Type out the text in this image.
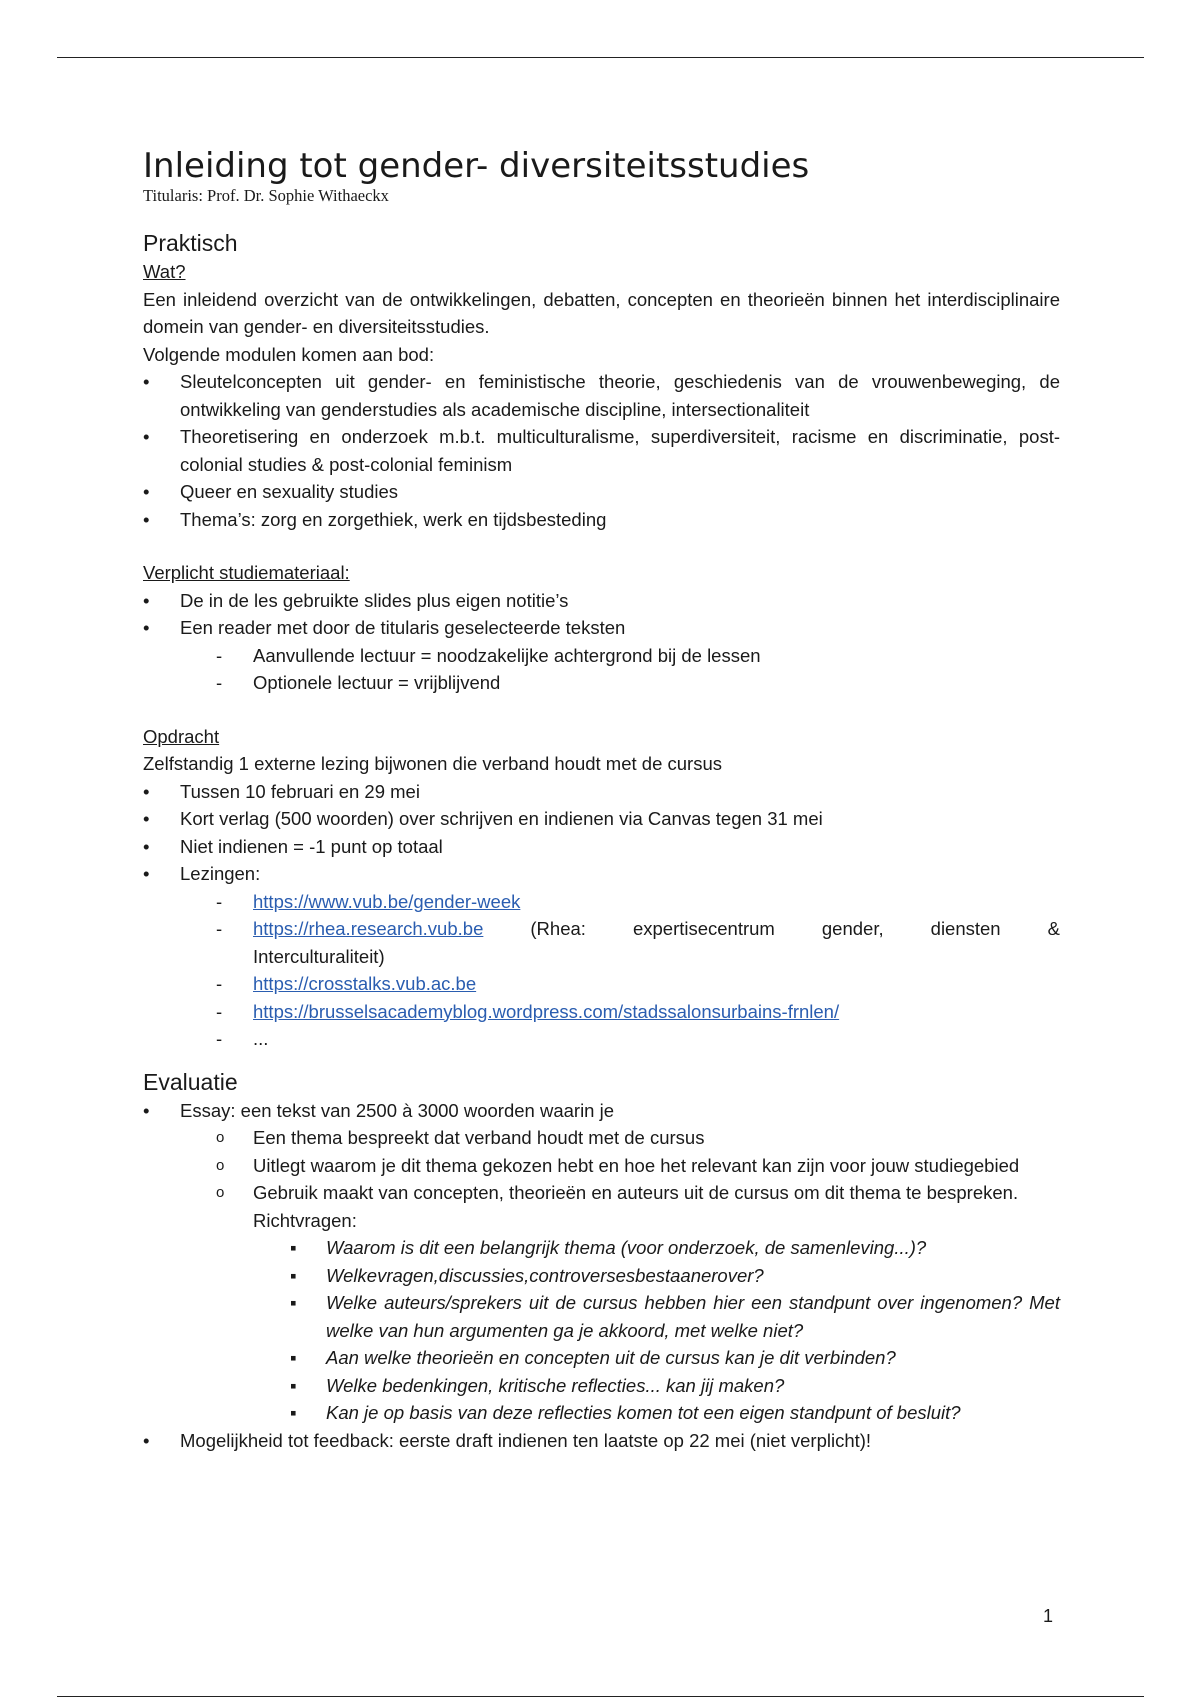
Inleiding tot gender- diversiteitsstudies

Titularis: Prof. Dr. Sophie Withaeckx

Praktisch

Wat?

Een inleidend overzicht van de ontwikkelingen, debatten, concepten en theorieën binnen het interdisciplinaire domein van gender- en diversiteitsstudies.

Volgende modulen komen aan bod:

• Sleutelconcepten uit gender- en feministische theorie, geschiedenis van de vrouwenbeweging, de ontwikkeling van genderstudies als academische discipline, intersectionaliteit
• Theoretisering en onderzoek m.b.t. multiculturalisme, superdiversiteit, racisme en discriminatie, post-colonial studies & post-colonial feminism
• Queer en sexuality studies
• Thema’s: zorg en zorgethiek, werk en tijdsbesteding

Verplicht studiemateriaal:

• De in de les gebruikte slides plus eigen notitie’s
• Een reader met door de titularis geselecteerde teksten
- Aanvullende lectuur = noodzakelijke achtergrond bij de lessen
- Optionele lectuur = vrijblijvend

Opdracht

Zelfstandig 1 externe lezing bijwonen die verband houdt met de cursus

• Tussen 10 februari en 29 mei
• Kort verlag (500 woorden) over schrijven en indienen via Canvas tegen 31 mei
• Niet indienen = -1 punt op totaal
• Lezingen:
- https://www.vub.be/gender-week
- https://rhea.research.vub.be	(Rhea:	expertisecentrum	gender,	diensten	&
Interculturaliteit)
- https://crosstalks.vub.ac.be
- https://brusselsacademyblog.wordpress.com/stadssalonsurbains-frnlen/
- ...
Evaluatie
• Essay: een tekst van 2500 à 3000 woorden waarin je
o Een thema bespreekt dat verband houdt met de cursus
o Uitlegt waarom je dit thema gekozen hebt en hoe het relevant kan zijn voor jouw studiegebied
o Gebruik maakt van concepten, theorieën en auteurs uit de cursus om dit thema te bespreken.
Richtvragen:
▪ Waarom is dit een belangrijk thema (voor onderzoek, de samenleving...)?
▪ Welkevragen,discussies,controversesbestaanerover?
▪ Welke auteurs/sprekers uit de cursus hebben hier een standpunt over ingenomen? Met welke van hun argumenten ga je akkoord, met welke niet?
▪ Aan welke theorieën en concepten uit de cursus kan je dit verbinden?
▪ Welke bedenkingen, kritische reflecties... kan jij maken?
▪ Kan je op basis van deze reflecties komen tot een eigen standpunt of besluit?
• Mogelijkheid tot feedback: eerste draft indienen ten laatste op 22 mei (niet verplicht)!
1
